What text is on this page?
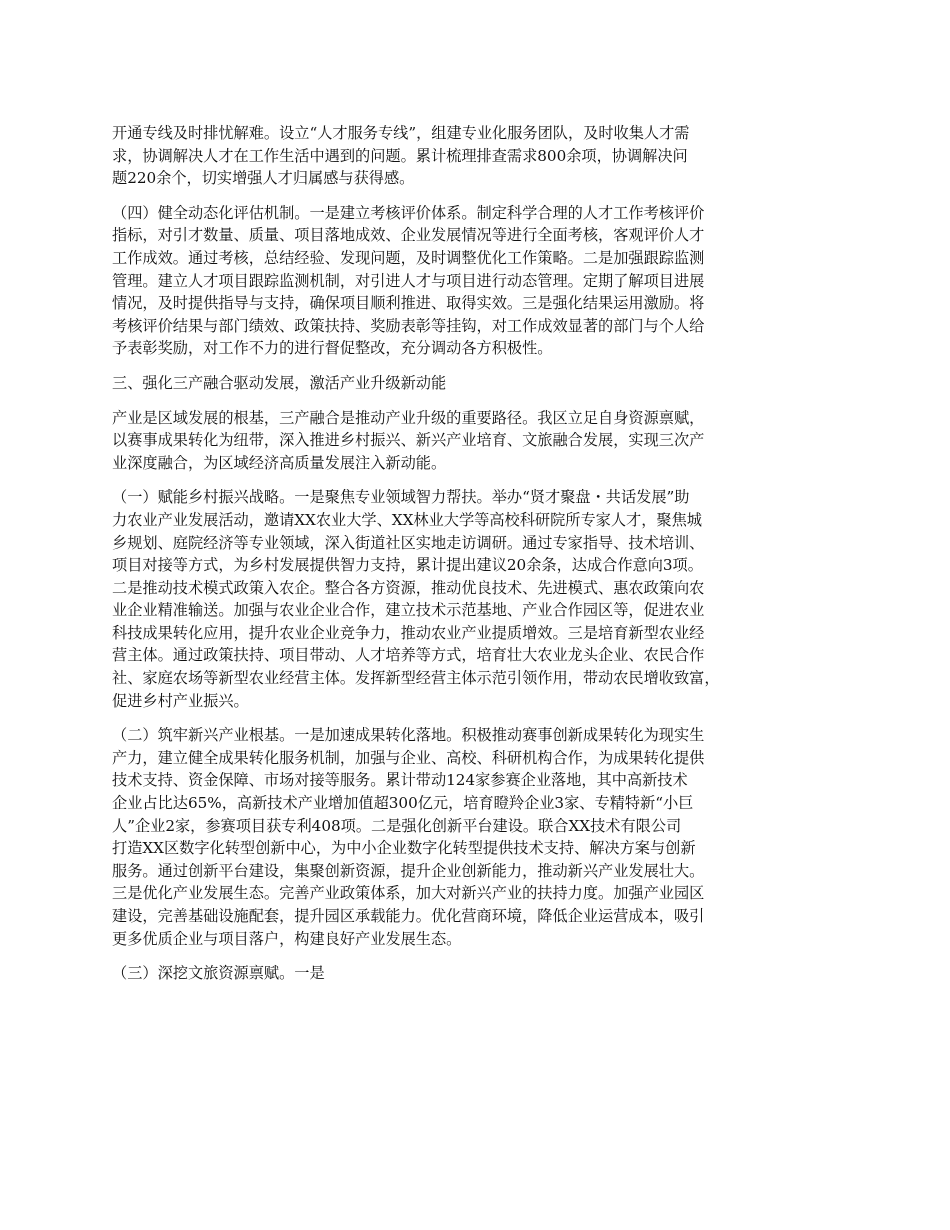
开通专线及时排忧解难。设立“人才服务专线”，组建专业化服务团队，及时收集人才需
求，协调解决人才在工作生活中遇到的问题。累计梳理排查需求800余项，协调解决问
题220余个，切实增强人才归属感与获得感。

（四）健全动态化评估机制。一是建立考核评价体系。制定科学合理的人才工作考核评价
指标，对引才数量、质量、项目落地成效、企业发展情况等进行全面考核，客观评价人才
工作成效。通过考核，总结经验、发现问题，及时调整优化工作策略。二是加强跟踪监测
管理。建立人才项目跟踪监测机制，对引进人才与项目进行动态管理。定期了解项目进展
情况，及时提供指导与支持，确保项目顺利推进、取得实效。三是强化结果运用激励。将
考核评价结果与部门绩效、政策扶持、奖励表彰等挂钩，对工作成效显著的部门与个人给
予表彰奖励，对工作不力的进行督促整改，充分调动各方积极性。

三、强化三产融合驱动发展，激活产业升级新动能

产业是区域发展的根基，三产融合是推动产业升级的重要路径。我区立足自身资源禀赋，
以赛事成果转化为纽带，深入推进乡村振兴、新兴产业培育、文旅融合发展，实现三次产
业深度融合，为区域经济高质量发展注入新动能。

（一）赋能乡村振兴战略。一是聚焦专业领域智力帮扶。举办“贤才聚盘・共话发展”助
力农业产业发展活动，邀请XX农业大学、XX林业大学等高校科研院所专家人才，聚焦城
乡规划、庭院经济等专业领域，深入街道社区实地走访调研。通过专家指导、技术培训、
项目对接等方式，为乡村发展提供智力支持，累计提出建议20余条，达成合作意向3项。
二是推动技术模式政策入农企。整合各方资源，推动优良技术、先进模式、惠农政策向农
业企业精准输送。加强与农业企业合作，建立技术示范基地、产业合作园区等，促进农业
科技成果转化应用，提升农业企业竞争力，推动农业产业提质增效。三是培育新型农业经
营主体。通过政策扶持、项目带动、人才培养等方式，培育壮大农业龙头企业、农民合作
社、家庭农场等新型农业经营主体。发挥新型经营主体示范引领作用，带动农民增收致富，
促进乡村产业振兴。

（二）筑牢新兴产业根基。一是加速成果转化落地。积极推动赛事创新成果转化为现实生
产力，建立健全成果转化服务机制，加强与企业、高校、科研机构合作，为成果转化提供
技术支持、资金保障、市场对接等服务。累计带动124家参赛企业落地，其中高新技术
企业占比达65%，高新技术产业增加值超300亿元，培育瞪羚企业3家、专精特新“小巨
人”企业2家，参赛项目获专利408项。二是强化创新平台建设。联合XX技术有限公司
打造XX区数字化转型创新中心，为中小企业数字化转型提供技术支持、解决方案与创新
服务。通过创新平台建设，集聚创新资源，提升企业创新能力，推动新兴产业发展壮大。
三是优化产业发展生态。完善产业政策体系，加大对新兴产业的扶持力度。加强产业园区
建设，完善基础设施配套，提升园区承载能力。优化营商环境，降低企业运营成本，吸引
更多优质企业与项目落户，构建良好产业发展生态。

（三）深挖文旅资源禀赋。一是
